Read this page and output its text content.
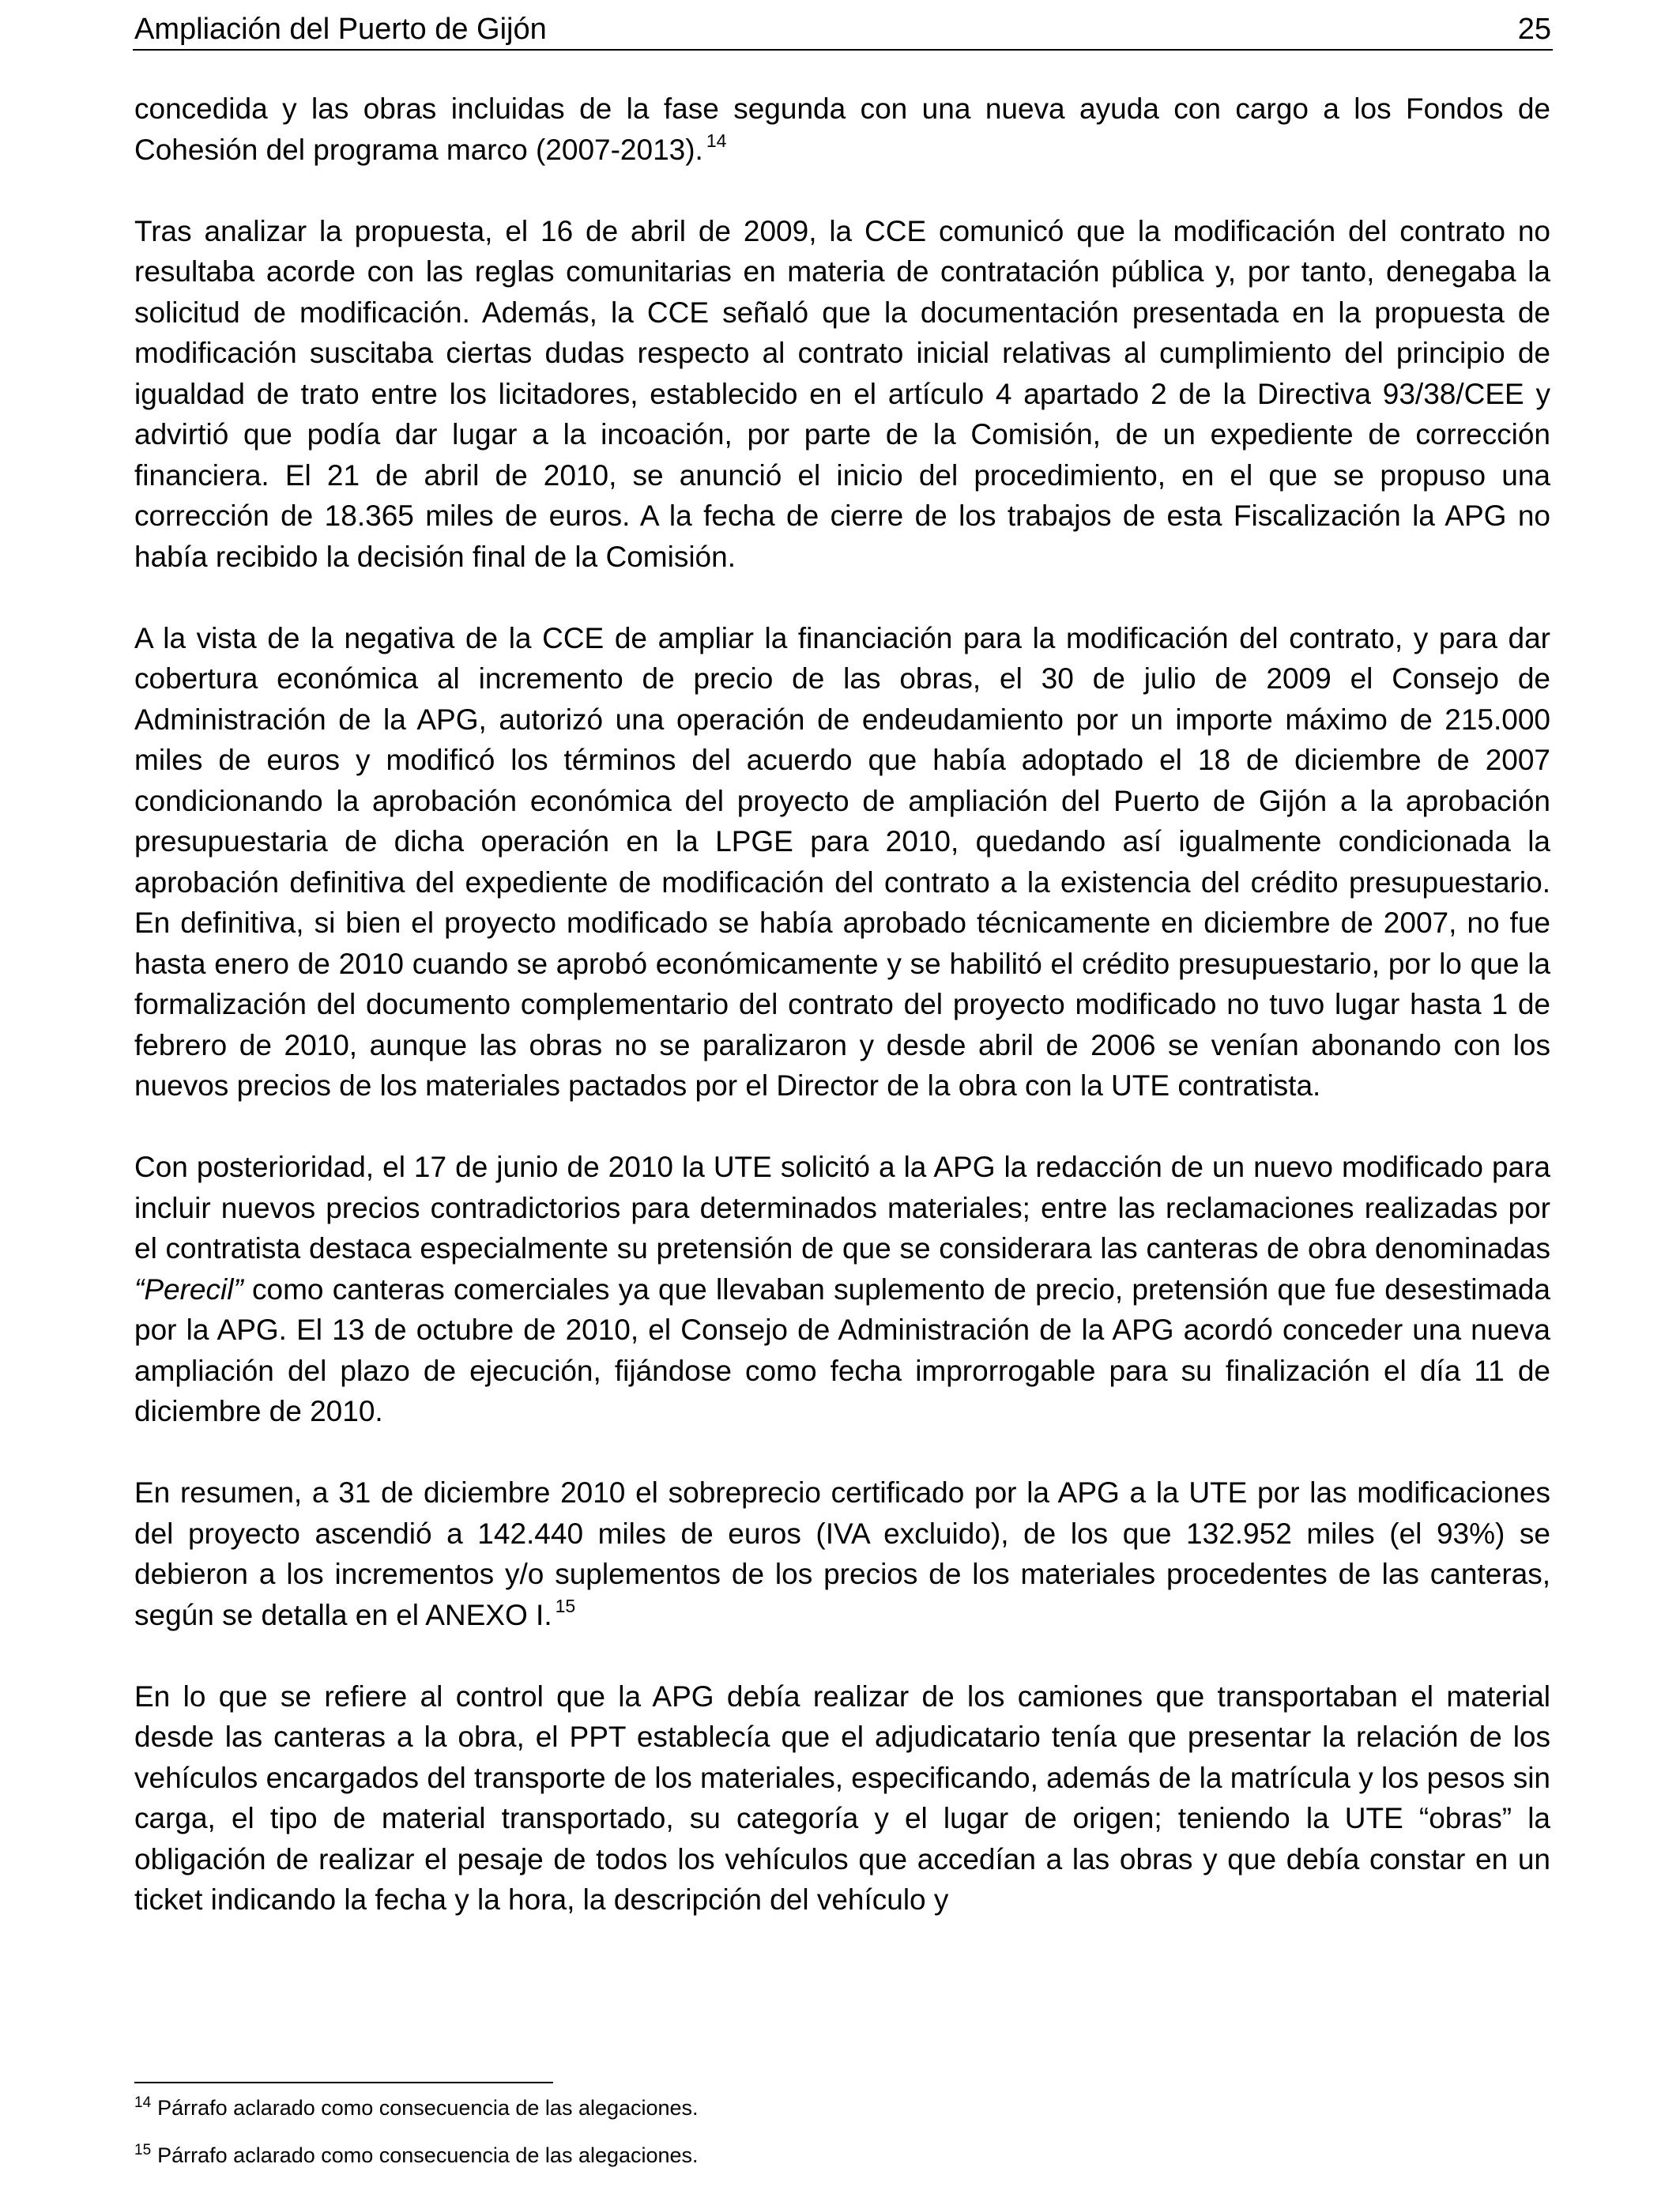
Ampliación del Puerto de Gijón	25

concedida y las obras incluidas de la fase segunda con una nueva ayuda con cargo a los Fondos de Cohesión del programa marco (2007-2013). $^{14}$

Tras analizar la propuesta, el 16 de abril de 2009, la CCE comunicó que la modificación del contrato no resultaba acorde con las reglas comunitarias en materia de contratación pública y, por tanto, denegaba la solicitud de modificación. Además, la CCE señaló que la documentación presentada en la propuesta de modificación suscitaba ciertas dudas respecto al contrato inicial relativas al cumplimiento del principio de igualdad de trato entre los licitadores, establecido en el artículo 4 apartado 2 de la Directiva 93/38/CEE y advirtió que podía dar lugar a la incoación, por parte de la Comisión, de un expediente de corrección financiera. El 21 de abril de 2010, se anunció el inicio del procedimiento, en el que se propuso una corrección de 18.365 miles de euros. A la fecha de cierre de los trabajos de esta Fiscalización la APG no había recibido la decisión final de la Comisión.

A la vista de la negativa de la CCE de ampliar la financiación para la modificación del contrato, y para dar cobertura económica al incremento de precio de las obras, el 30 de julio de 2009 el Consejo de Administración de la APG, autorizó una operación de endeudamiento por un importe máximo de 215.000 miles de euros y modificó los términos del acuerdo que había adoptado el 18 de diciembre de 2007 condicionando la aprobación económica del proyecto de ampliación del Puerto de Gijón a la aprobación presupuestaria de dicha operación en la LPGE para 2010, quedando así igualmente condicionada la aprobación definitiva del expediente de modificación del contrato a la existencia del crédito presupuestario. En definitiva, si bien el proyecto modificado se había aprobado técnicamente en diciembre de 2007, no fue hasta enero de 2010 cuando se aprobó económicamente y se habilitó el crédito presupuestario, por lo que la formalización del documento complementario del contrato del proyecto modificado no tuvo lugar hasta 1 de febrero de 2010, aunque las obras no se paralizaron y desde abril de 2006 se venían abonando con los nuevos precios de los materiales pactados por el Director de la obra con la UTE contratista.

Con posterioridad, el 17 de junio de 2010 la UTE solicitó a la APG la redacción de un nuevo modificado para incluir nuevos precios contradictorios para determinados materiales; entre las reclamaciones realizadas por el contratista destaca especialmente su pretensión de que se considerara las canteras de obra denominadas “Perecil” como canteras comerciales ya que llevaban suplemento de precio, pretensión que fue desestimada por la APG. El 13 de octubre de 2010, el Consejo de Administración de la APG acordó conceder una nueva ampliación del plazo de ejecución, fijándose como fecha improrrogable para su finalización el día 11 de diciembre de 2010.

En resumen, a 31 de diciembre 2010 el sobreprecio certificado por la APG a la UTE por las modificaciones del proyecto ascendió a 142.440 miles de euros (IVA excluido), de los que 132.952 miles (el 93%) se debieron a los incrementos y/o suplementos de los precios de los materiales procedentes de las canteras, según se detalla en el ANEXO I. $^{15}$

En lo que se refiere al control que la APG debía realizar de los camiones que transportaban el material desde las canteras a la obra, el PPT establecía que el adjudicatario tenía que presentar la relación de los vehículos encargados del transporte de los materiales, especificando, además de la matrícula y los pesos sin carga, el tipo de material transportado, su categoría y el lugar de origen; teniendo la UTE “obras” la obligación de realizar el pesaje de todos los vehículos que accedían a las obras y que debía constar en un ticket indicando la fecha y la hora, la descripción del vehículo y

$^{14}$ Párrafo aclarado como consecuencia de las alegaciones.
$^{15}$ Párrafo aclarado como consecuencia de las alegaciones.
